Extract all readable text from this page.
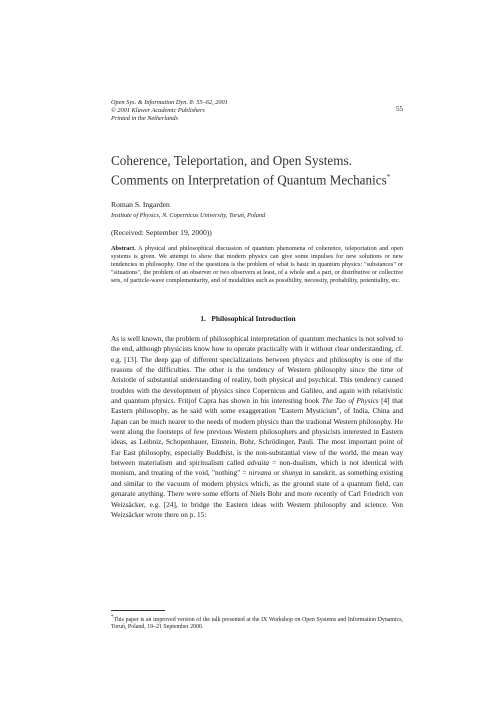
Open Sys. & Information Dyn. 8: 55–62, 2001
© 2001 Kluwer Academic Publishers
Printed in the Netherlands
55
Coherence, Teleportation, and Open Systems.
Comments on Interpretation of Quantum Mechanics*
Roman S. Ingarden
Institute of Physics, N. Copernicus University, Toruń, Poland
(Received: September 19, 2000))
Abstract. A physical and philosophical discussion of quantum phenomena of coherence, teleportation and open systems is given. We attempt to show that modern physics can give some impulses for new solutions or new tendencies in philosophy. One of the questions is the problem of what is basic in quantum physics: "substances" or "situations", the problem of an observer or two observers at least, of a whole and a part, or distributive or collective sets, of particle-wave complementarity, and of modalities such as possibility, necessity, probability, potentiality, etc.
1. Philosophical Introduction
As is well known, the problem of philosophical interpretation of quantum mechanics is not solved to the end, although physicists know how to operate practically with it without clear understanding, cf. e.g. [13]. The deep gap of different specializations between physics and philosophy is one of the reasons of the difficulties. The other is the tendency of Western philosophy since the time of Aristotle of substantial understanding of reality, both physical and psychical. This tendency caused troubles with the development of physics since Copernicus and Galileo, and again with relativistic and quantum physics. Fritjof Capra has shown in his interesting book The Tao of Physics [4] that Eastern philosophy, as he said with some exaggeration "Eastern Mysticism", of India, China and Japan can be much nearer to the needs of modern physics than the tradional Western philosophy. He went along the footsteps of few previous Western philosophers and physicists interested in Eastern ideas, as Leibniz, Schopenhauer, Einstein, Bohr, Schrödinger, Pauli. The most important point of Far East philosophy, especially Buddhist, is the non-substantial view of the world, the mean way between materialism and spiritualism called advaita = non-dualism, which is not identical with monism, and treating of the void, "nothing" = nirvana or shunya in sanskrit, as something existing and similar to the vacuum of modern physics which, as the ground state of a quantum field, can genarate anything. There were some efforts of Niels Bohr and more recently of Carl Friedrich von Weizsäcker, e.g. [24], to bridge the Eastern ideas with Western philosophy and science. Von Weizsäcker wrote there on p. 15:
*This paper is an improved version of the talk presented at the IX Workshop on Open Systems and Information Dynamics, Toruń, Poland, 19–21 September 2000.
